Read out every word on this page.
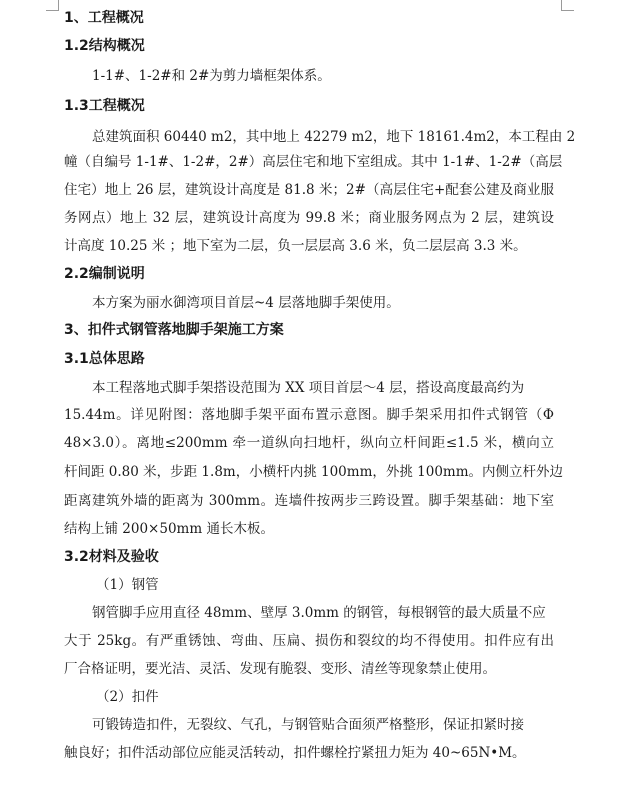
1、工程概况
1.2结构概况
1-1#、1-2#和 2#为剪力墙框架体系。
1.3工程概况
总建筑面积 60440 m2，其中地上 42279 m2，地下 18161.4m2，本工程由 2
幢（自编号 1-1#、1-2#，2#）高层住宅和地下室组成。其中 1-1#、1-2#（高层
住宅）地上 26 层，建筑设计高度是 81.8 米；2#（高层住宅+配套公建及商业服
务网点）地上 32 层，建筑设计高度为 99.8 米；商业服务网点为 2 层，建筑设
计高度 10.25 米 ；地下室为二层，负一层层高 3.6 米，负二层层高 3.3 米。
2.2编制说明
本方案为丽水御湾项目首层~4 层落地脚手架使用。
3、扣件式钢管落地脚手架施工方案
3.1总体思路
本工程落地式脚手架搭设范围为 XX 项目首层～4 层，搭设高度最高约为
15.44m。详见附图：落地脚手架平面布置示意图。脚手架采用扣件式钢管（Φ
48×3.0）。离地≤200mm 牵一道纵向扫地杆，纵向立杆间距≤1.5 米，横向立
杆间距 0.80 米，步距 1.8m，小横杆内挑 100mm，外挑 100mm。内侧立杆外边
距离建筑外墙的距离为 300mm。连墙件按两步三跨设置。脚手架基础：地下室
结构上铺 200×50mm 通长木板。
3.2材料及验收
（1）钢管
钢管脚手应用直径 48mm、壁厚 3.0mm 的钢管，每根钢管的最大质量不应
大于 25kg。有严重锈蚀、弯曲、压扁、损伤和裂纹的均不得使用。扣件应有出
厂合格证明，要光洁、灵活、发现有脆裂、变形、清丝等现象禁止使用。
（2）扣件
可锻铸造扣件，无裂纹、气孔，与钢管贴合面须严格整形，保证扣紧时接
触良好；扣件活动部位应能灵活转动，扣件螺栓拧紧扭力矩为 40~65N•M。
